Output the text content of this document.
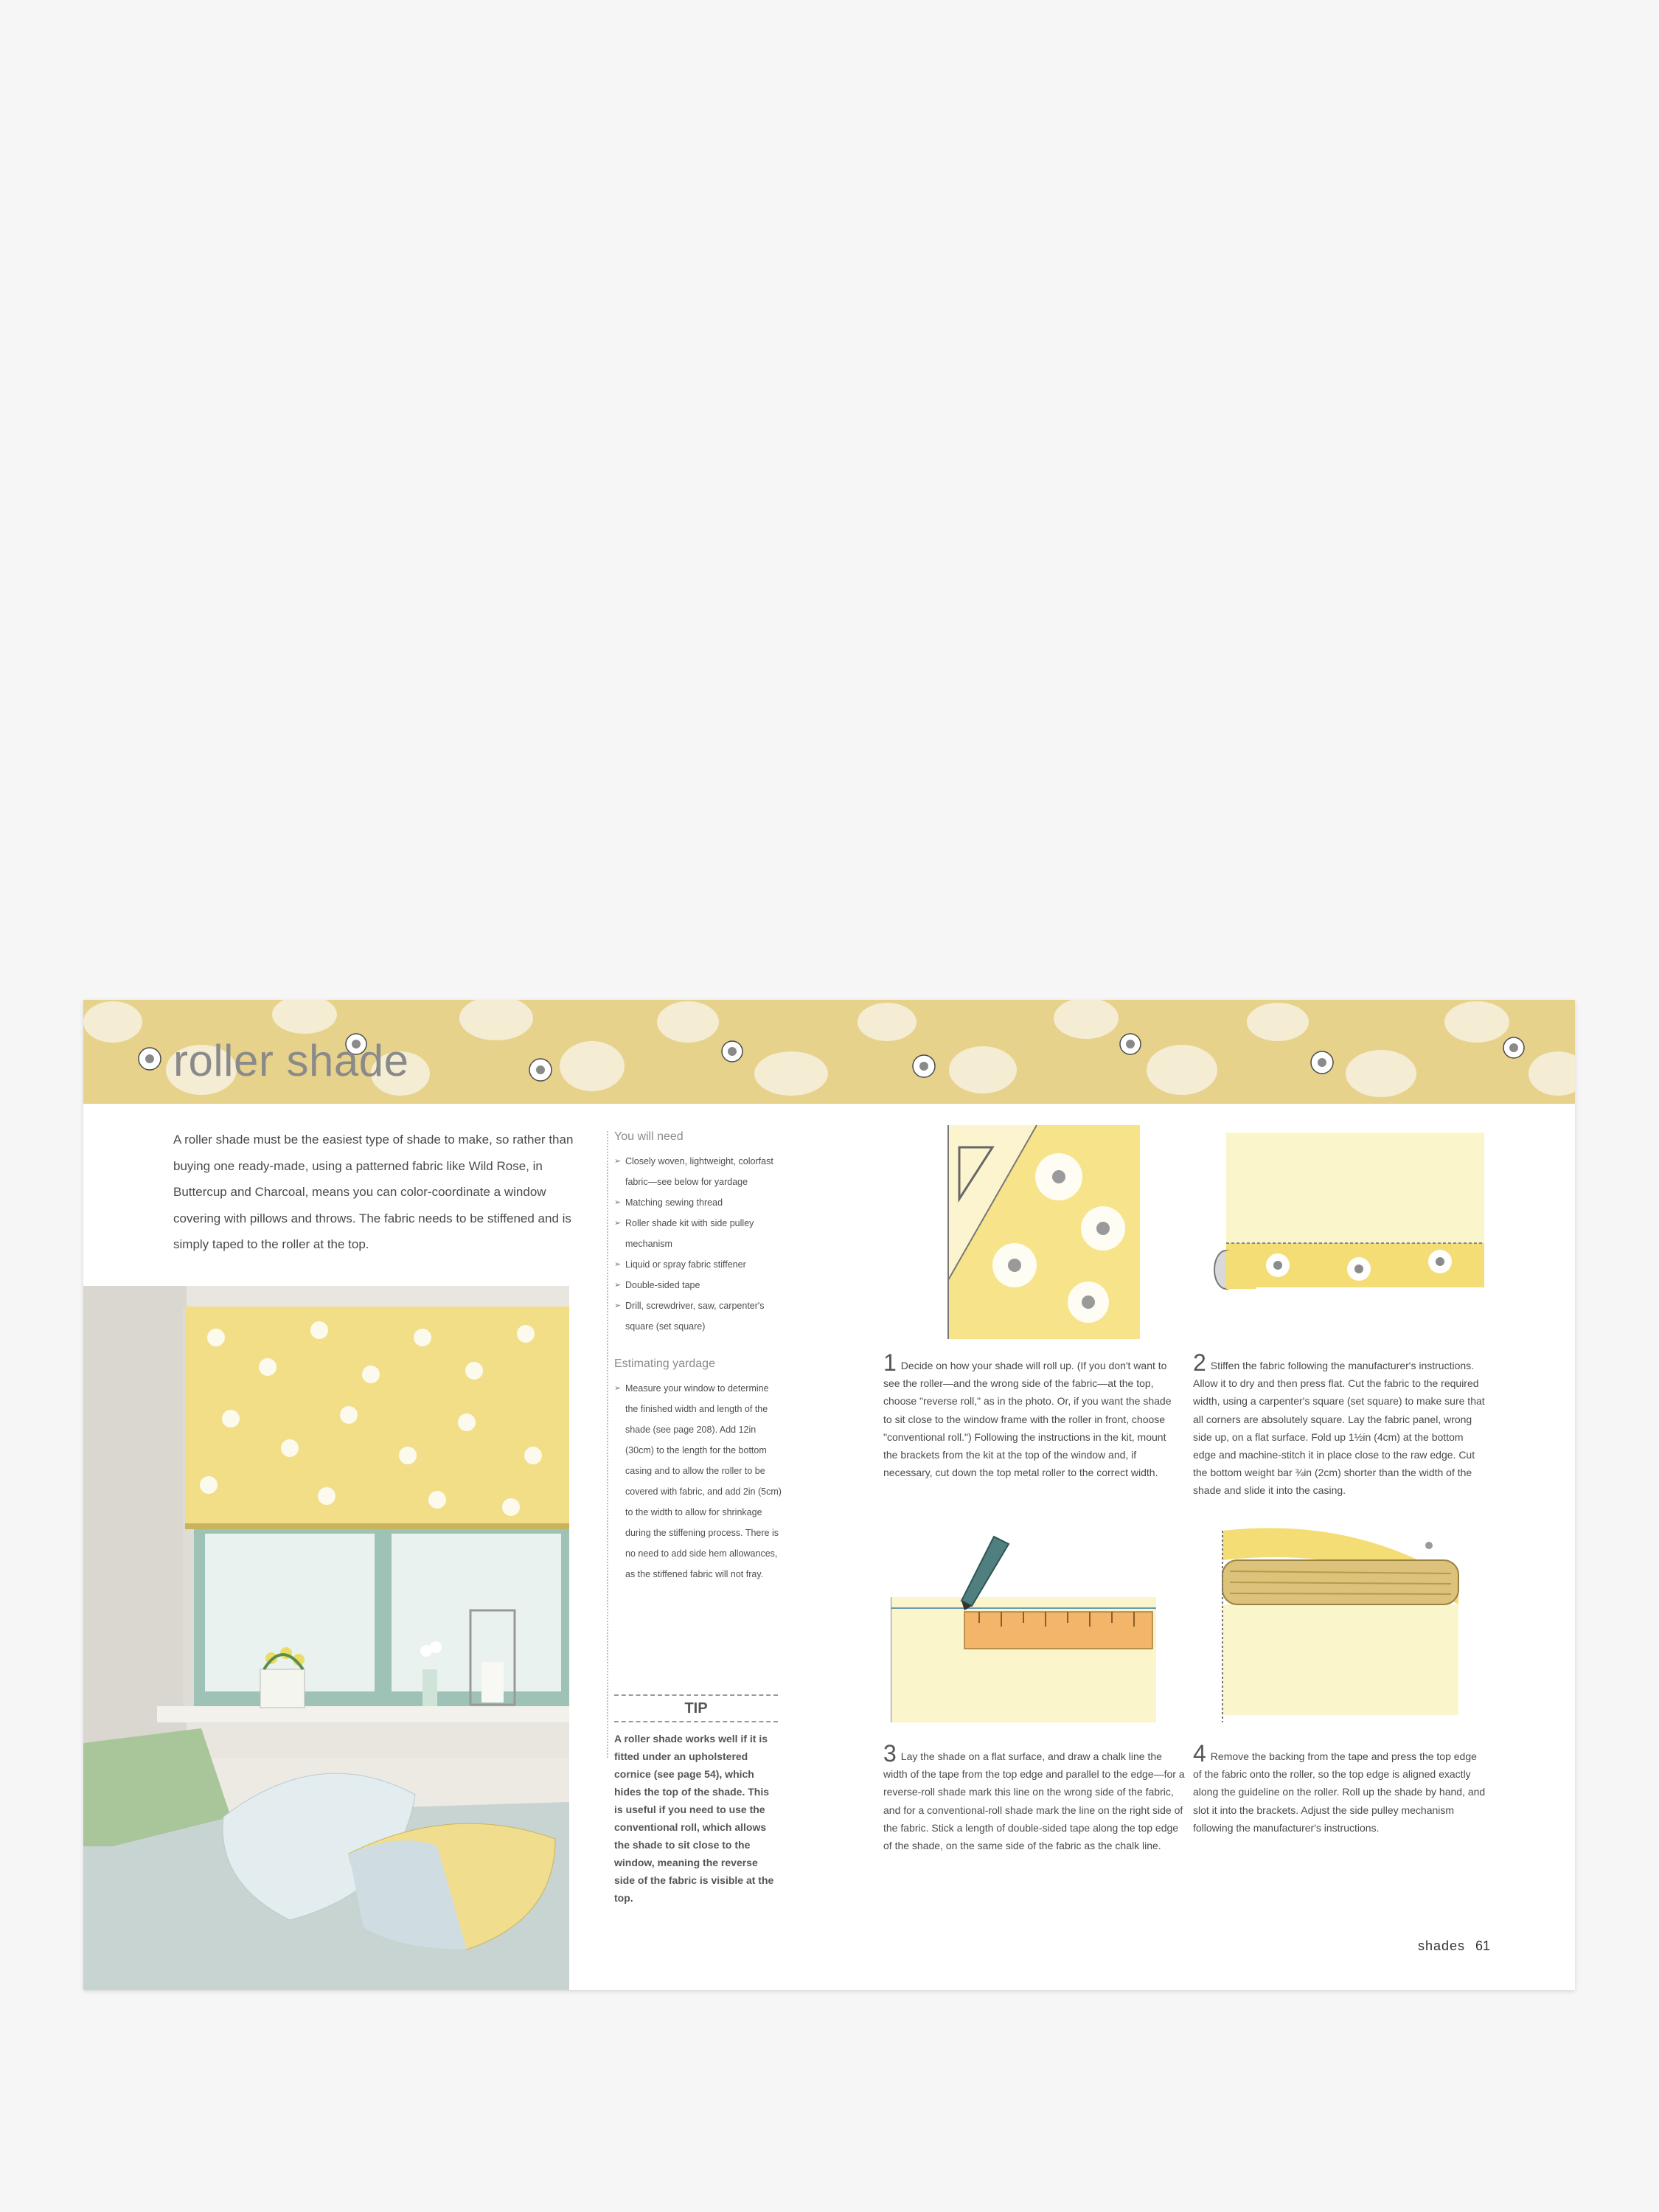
roller shade

A roller shade must be the easiest type of shade to make, so rather than buying one ready-made, using a patterned fabric like Wild Rose, in Buttercup and Charcoal, means you can color-coordinate a window covering with pillows and throws. The fabric needs to be stiffened and is simply taped to the roller at the top.

You will need
➢ Closely woven, lightweight, colorfast fabric—see below for yardage
➢ Matching sewing thread
➢ Roller shade kit with side pulley mechanism
➢ Liquid or spray fabric stiffener
➢ Double-sided tape
➢ Drill, screwdriver, saw, carpenter's square (set square)
Estimating yardage
➢ Measure your window to determine the finished width and length of the shade (see page 208). Add 12in (30cm) to the length for the bottom casing and to allow the roller to be covered with fabric, and add 2in (5cm) to the width to allow for shrinkage during the stiffening process. There is no need to add side hem allowances, as the stiffened fabric will not fray.
TIP
A roller shade works well if it is fitted under an upholstered cornice (see page 54), which hides the top of the shade. This is useful if you need to use the conventional roll, which allows the shade to sit close to the window, meaning the reverse side of the fabric is visible at the top.
1 Decide on how your shade will roll up. (If you don't want to see the roller—and the wrong side of the fabric—at the top, choose "reverse roll," as in the photo. Or, if you want the shade to sit close to the window frame with the roller in front, choose "conventional roll.") Following the instructions in the kit, mount the brackets from the kit at the top of the window and, if necessary, cut down the top metal roller to the correct width.
2 Stiffen the fabric following the manufacturer's instructions. Allow it to dry and then press flat. Cut the fabric to the required width, using a carpenter's square (set square) to make sure that all corners are absolutely square. Lay the fabric panel, wrong side up, on a flat surface. Fold up 1½in (4cm) at the bottom edge and machine-stitch it in place close to the raw edge. Cut the bottom weight bar ¾in (2cm) shorter than the width of the shade and slide it into the casing.
3 Lay the shade on a flat surface, and draw a chalk line the width of the tape from the top edge and parallel to the edge—for a reverse-roll shade mark this line on the wrong side of the fabric, and for a conventional-roll shade mark the line on the right side of the fabric. Stick a length of double-sided tape along the top edge of the shade, on the same side of the fabric as the chalk line.
4 Remove the backing from the tape and press the top edge of the fabric onto the roller, so the top edge is aligned exactly along the guideline on the roller. Roll up the shade by hand, and slot it into the brackets. Adjust the side pulley mechanism following the manufacturer's instructions.
shades 61
